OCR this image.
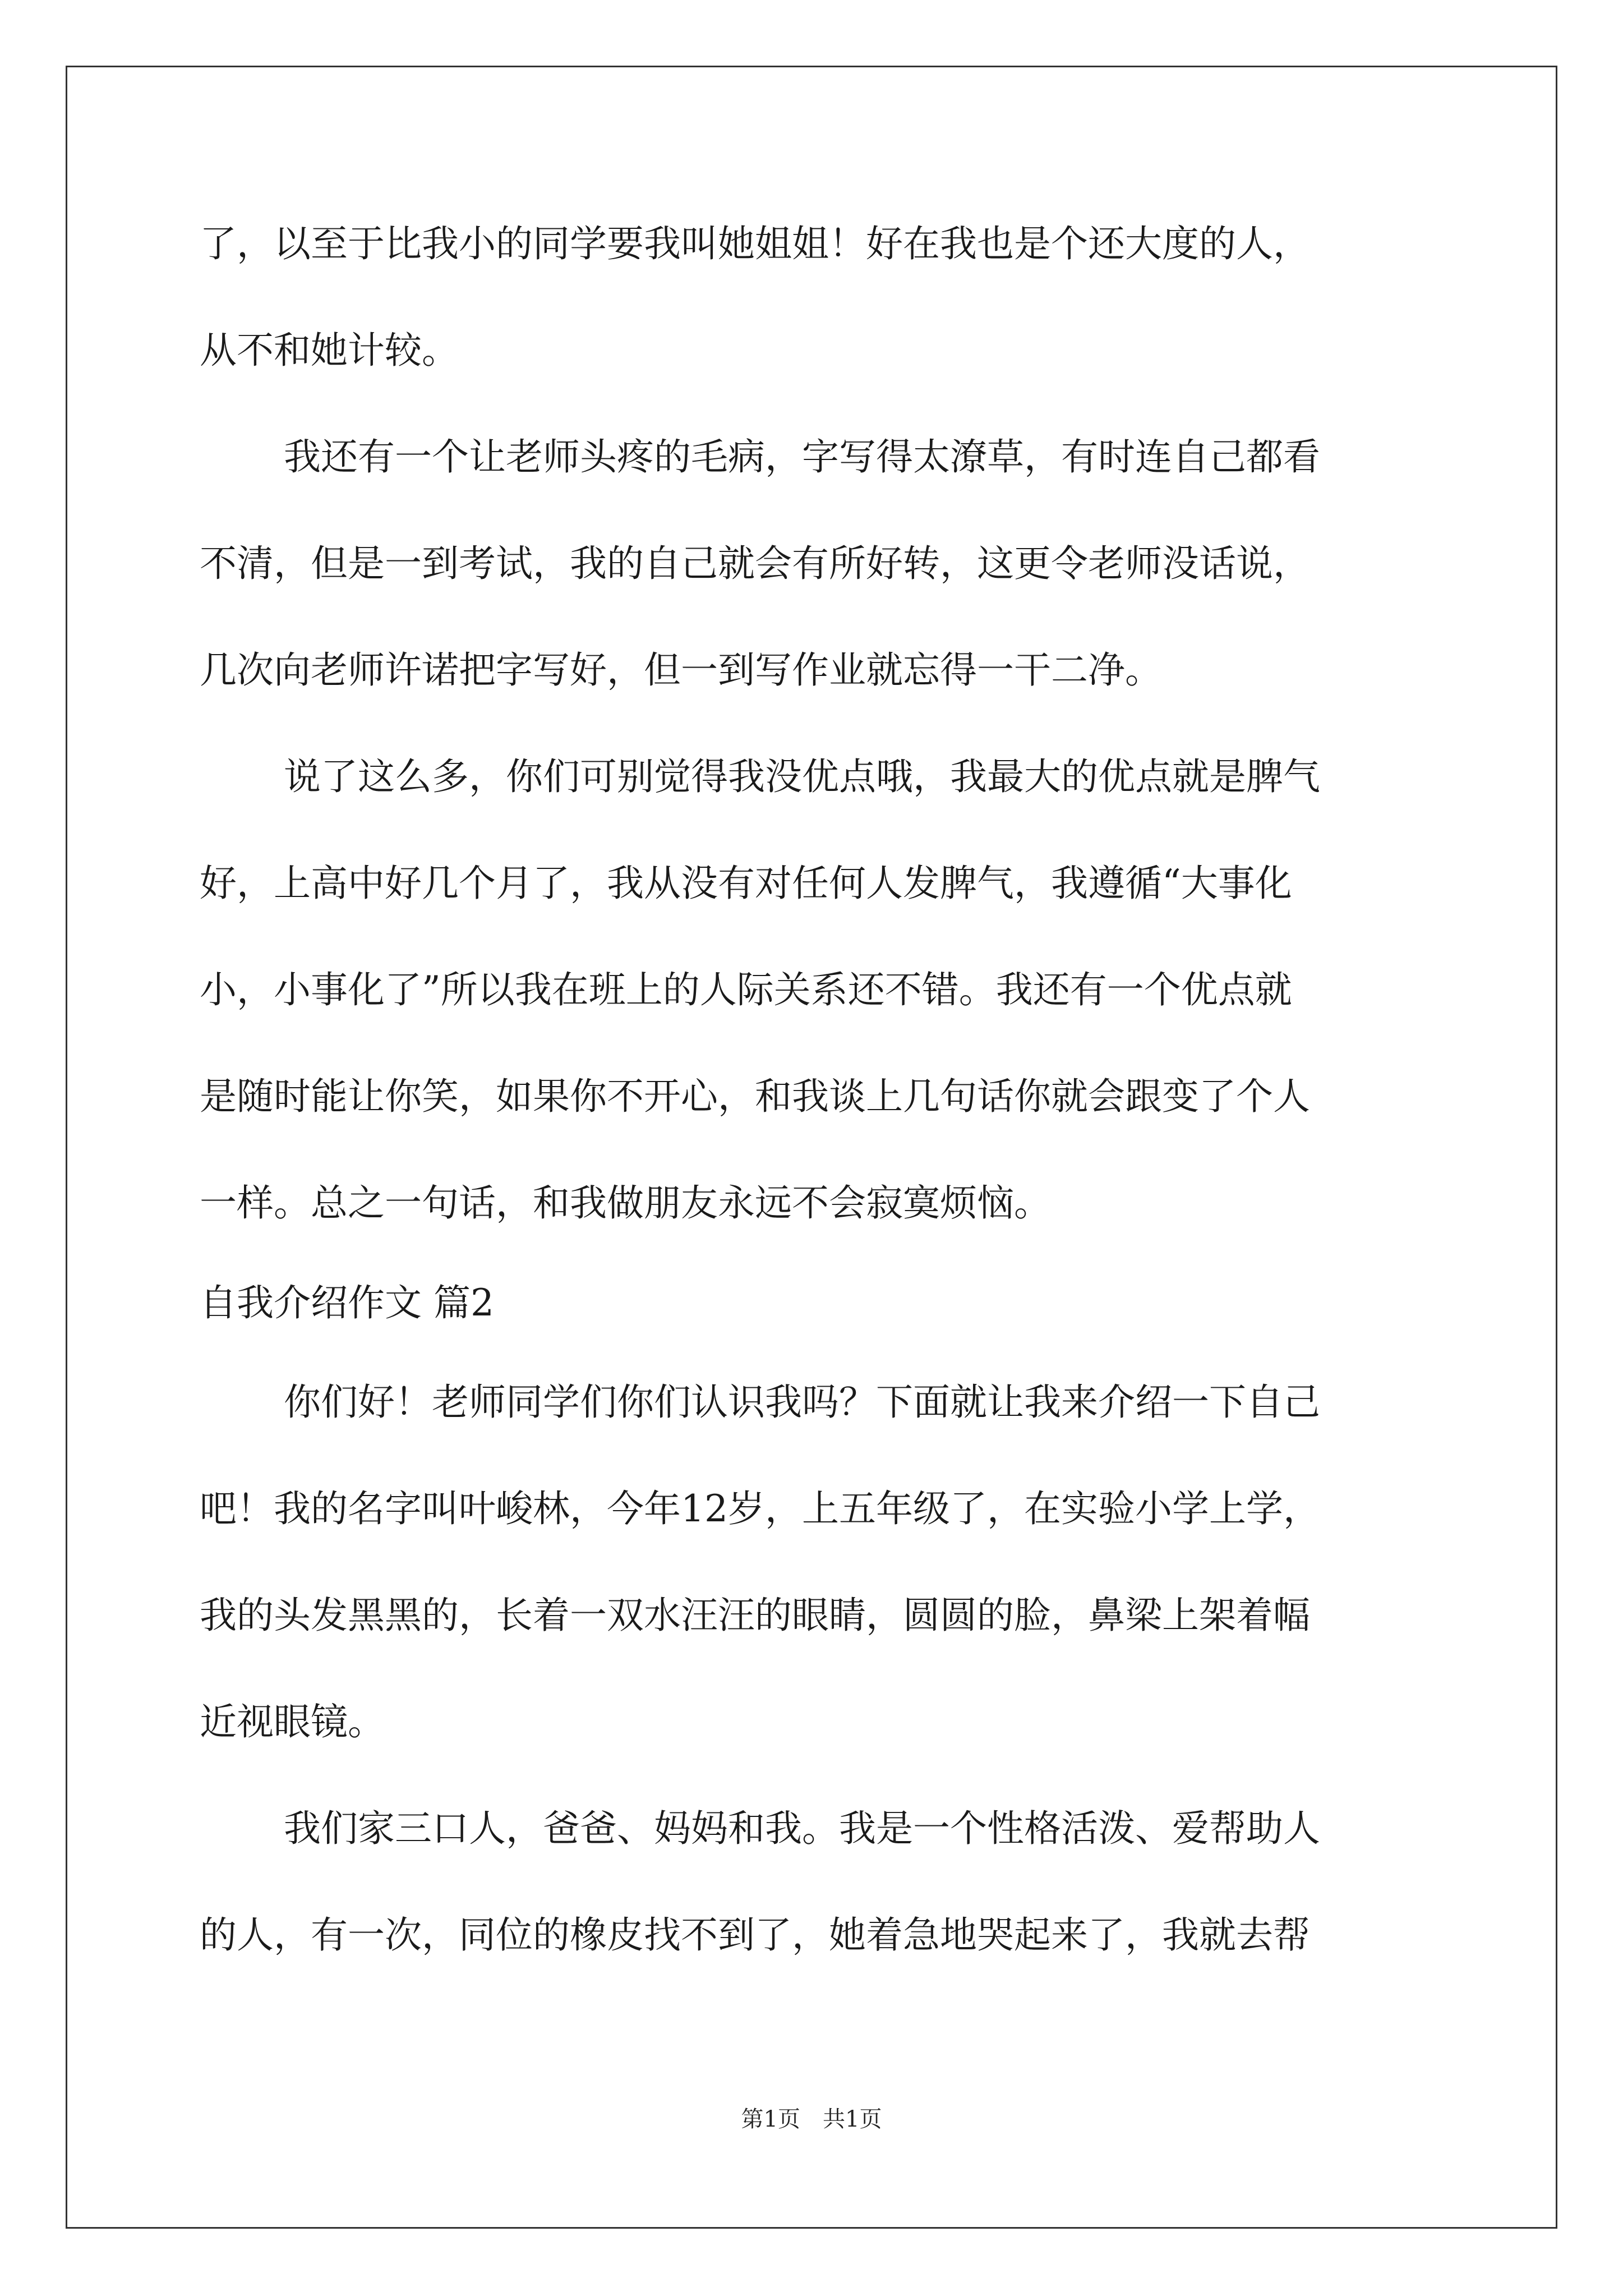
了，以至于比我小的同学要我叫她姐姐！好在我也是个还大度的人，
从不和她计较。
我还有一个让老师头疼的毛病，字写得太潦草，有时连自己都看
不清，但是一到考试，我的自己就会有所好转，这更令老师没话说，
几次向老师许诺把字写好，但一到写作业就忘得一干二净。
说了这么多，你们可别觉得我没优点哦，我最大的优点就是脾气
好，上高中好几个月了，我从没有对任何人发脾气，我遵循“大事化
小，小事化了”所以我在班上的人际关系还不错。我还有一个优点就
是随时能让你笑，如果你不开心，和我谈上几句话你就会跟变了个人
一样。总之一句话，和我做朋友永远不会寂寞烦恼。
自我介绍作文 篇2
你们好！老师同学们你们认识我吗？下面就让我来介绍一下自己
吧！我的名字叫叶峻林，今年12岁，上五年级了，在实验小学上学，
我的头发黑黑的，长着一双水汪汪的眼睛，圆圆的脸，鼻梁上架着幅
近视眼镜。
我们家三口人，爸爸、妈妈和我。我是一个性格活泼、爱帮助人
的人，有一次，同位的橡皮找不到了，她着急地哭起来了，我就去帮
第1页　共1页
